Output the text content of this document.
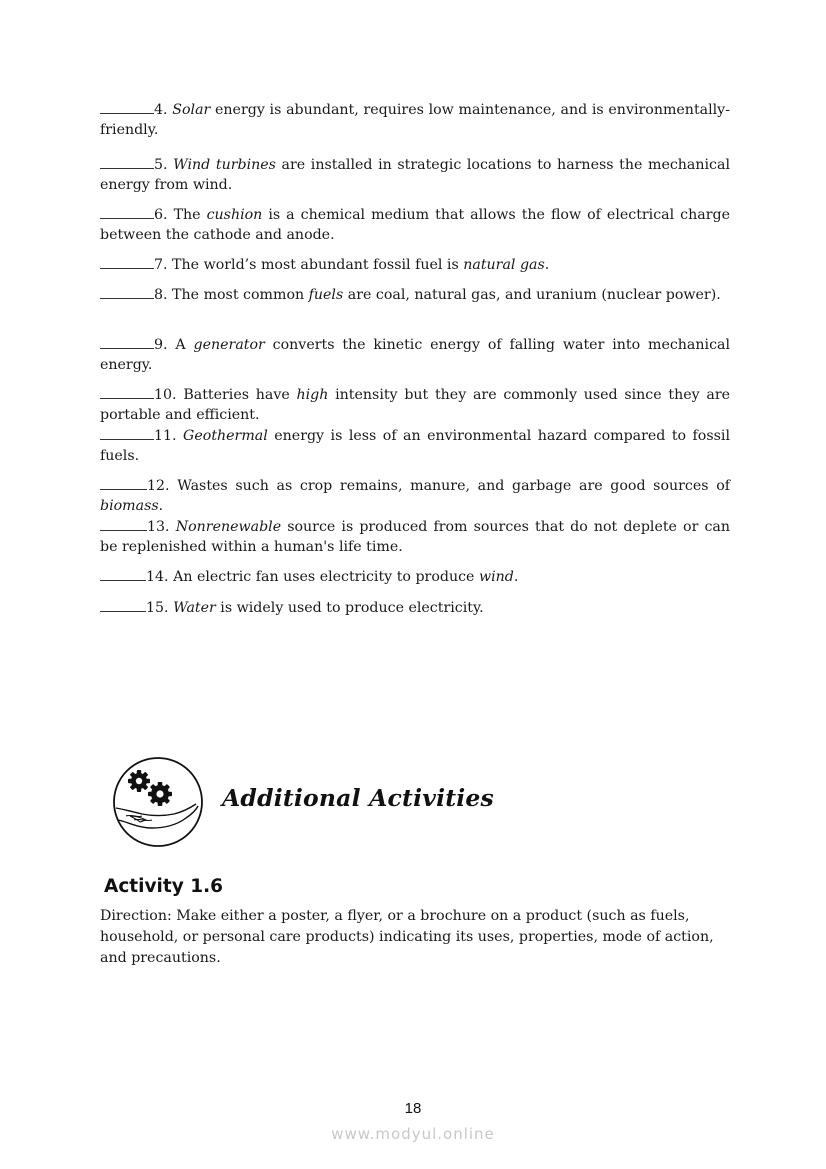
4. Solar energy is abundant, requires low maintenance, and is environmentally-friendly.
5. Wind turbines are installed in strategic locations to harness the mechanical energy from wind.
6. The cushion is a chemical medium that allows the flow of electrical charge between the cathode and anode.
7. The world’s most abundant fossil fuel is natural gas.
8. The most common fuels are coal, natural gas, and uranium (nuclear power).
9. A generator converts the kinetic energy of falling water into mechanical energy.
10. Batteries have high intensity but they are commonly used since they are portable and efficient.
11. Geothermal energy is less of an environmental hazard compared to fossil fuels.
12. Wastes such as crop remains, manure, and garbage are good sources of biomass.
13. Nonrenewable source is produced from sources that do not deplete or can be replenished within a human's life time.
14. An electric fan uses electricity to produce wind.
15. Water is widely used to produce electricity.
Additional Activities
Activity 1.6
Direction: Make either a poster, a flyer, or a brochure on a product (such as fuels, household, or personal care products) indicating its uses, properties, mode of action, and precautions.
18
www.modyul.online
